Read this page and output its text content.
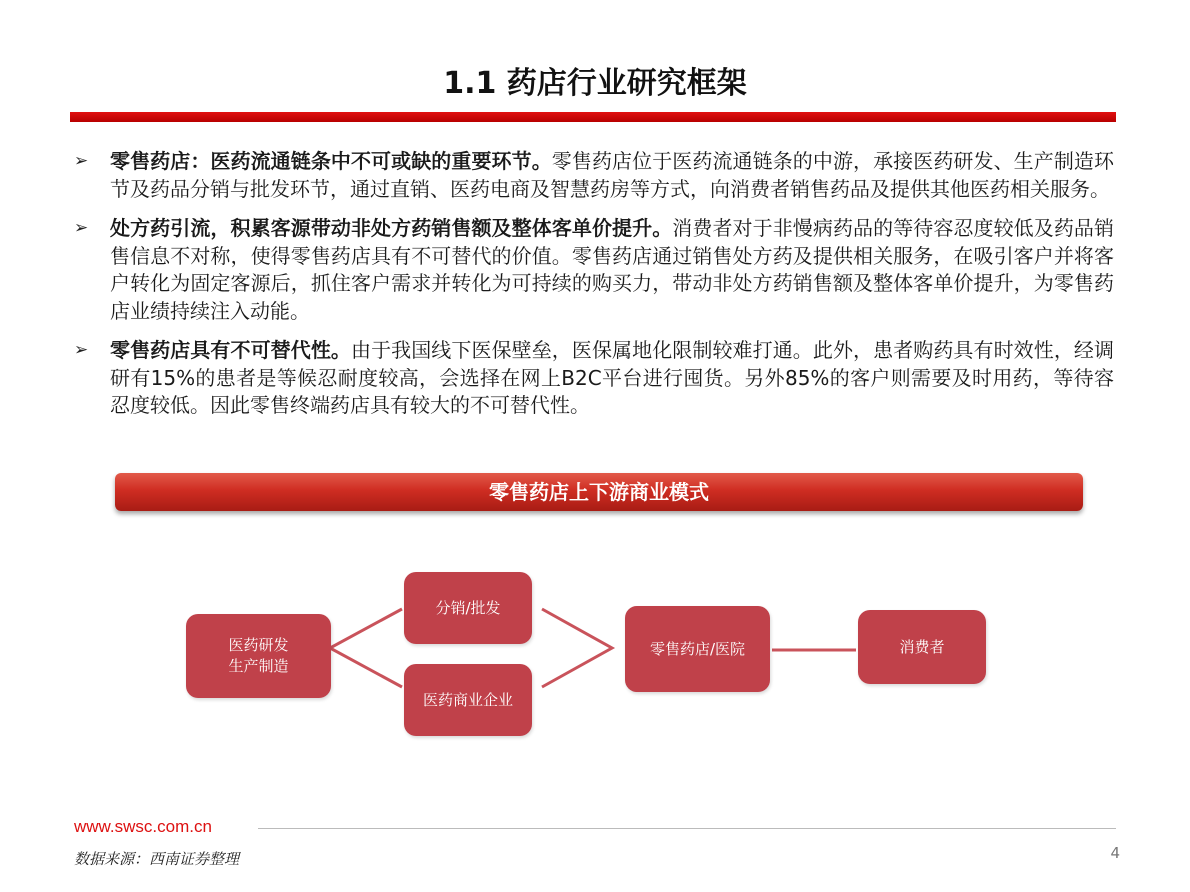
1.1 药店行业研究框架
➢ 零售药店：医药流通链条中不可或缺的重要环节。零售药店位于医药流通链条的中游，承接医药研发、生产制造环节及药品分销与批发环节，通过直销、医药电商及智慧药房等方式，向消费者销售药品及提供其他医药相关服务。
➢ 处方药引流，积累客源带动非处方药销售额及整体客单价提升。消费者对于非慢病药品的等待容忍度较低及药品销售信息不对称，使得零售药店具有不可替代的价值。零售药店通过销售处方药及提供相关服务，在吸引客户并将客户转化为固定客源后，抓住客户需求并转化为可持续的购买力，带动非处方药销售额及整体客单价提升，为零售药店业绩持续注入动能。
➢ 零售药店具有不可替代性。由于我国线下医保壁垒，医保属地化限制较难打通。此外，患者购药具有时效性，经调研有15%的患者是等候忍耐度较高，会选择在网上B2C平台进行囤货。另外85%的客户则需要及时用药，等待容忍度较低。因此零售终端药店具有较大的不可替代性。
零售药店上下游商业模式
医药研发
生产制造
分销/批发
医药商业企业
零售药店/医院	消费者
www.swsc.com.cn
数据来源：西南证券整理	4
